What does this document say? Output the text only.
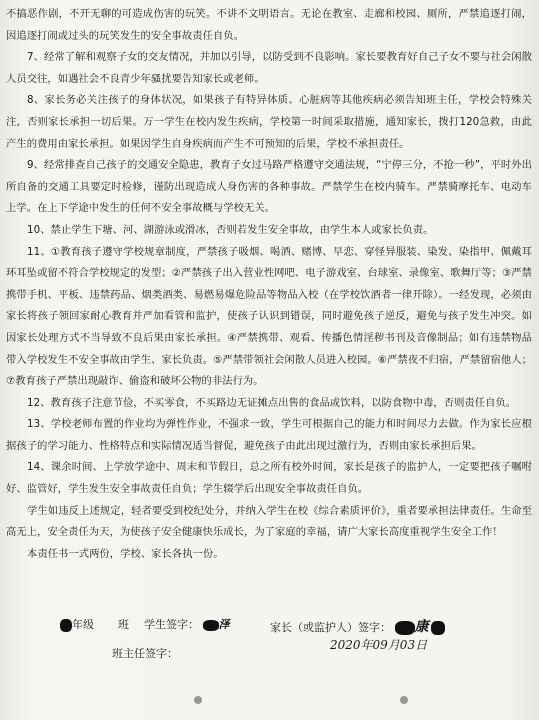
不搞恶作剧，不开无聊的可造成伤害的玩笑。不讲不文明语言。无论在教室、走廊和校园、厕所，严禁追逐打闹，因追逐打闹或过头的玩笑发生的安全事故责任自负。

7、经常了解和观察子女的交友情况，并加以引导，以防受到不良影响。家长要教育好自己子女不要与社会闲散人员交往，如遇社会不良青少年骚扰要告知家长或老师。

8、家长务必关注孩子的身体状况，如果孩子有特异体质、心脏病等其他疾病必须告知班主任，学校会特殊关注，否则家长承担一切后果。万一学生在校内发生疾病，学校第一时间采取措施，通知家长，拨打120急救，由此产生的费用由家长承担。如果因学生自身疾病而产生不可预知的后果，学校不承担责任。

9、经常排查自己孩子的交通安全隐患，教育子女过马路严格遵守交通法规，“宁停三分，不抢一秒”，平时外出所自备的交通工具要定时检修，谨防出现造成人身伤害的各种事故。严禁学生在校内骑车。严禁骑摩托车、电动车上学。在上下学途中发生的任何不安全事故概与学校无关。

10、禁止学生下塘、河、湖游泳或滑冰，否则若发生安全事故，由学生本人或家长负责。

11、①教育孩子遵守学校规章制度，严禁孩子吸烟、喝酒、赌博、早恋、穿怪异服装、染发、染指甲、佩戴耳环耳坠或留不符合学校规定的发型；②严禁孩子出入营业性网吧、电子游戏室、台球室、录像室、歌舞厅等；③严禁携带手机、平板、违禁药品、烟类酒类、易燃易爆危险品等物品入校（在学校饮酒者一律开除）。一经发现，必须由家长将孩子领回家耐心教育并严加看管和监护，使孩子认识到错误，同时避免孩子逆反，避免与孩子发生冲突。如因家长处理方式不当导致不良后果由家长承担。④严禁携带、观看、传播色情淫秽书刊及音像制品；如有违禁物品带入学校发生不安全事故由学生、家长负责。⑤严禁带领社会闲散人员进入校园。⑥严禁夜不归宿，严禁留宿他人；⑦教育孩子严禁出现敲诈、偷盗和破坏公物的非法行为。

12、教育孩子注意节俭，不买零食，不买路边无证摊点出售的食品或饮料，以防食物中毒，否则责任自负。

13、学校老师布置的作业均为弹性作业，不强求一致，学生可根据自己的能力和时间尽力去做。作为家长应根据孩子的学习能力、性格特点和实际情况适当督促，避免孩子由此出现过激行为，否则由家长承担后果。

14、课余时间、上学放学途中、周末和节假日，总之所有校外时间，家长是孩子的监护人，一定要把孩子嘱咐好、监管好，学生发生安全事故责任自负；学生辍学后出现安全事故责任自负。

学生如违反上述规定，轻者要受到校纪处分，并纳入学生在校《综合素质评价》，重者要承担法律责任。生命至高无上，安全责任为天，为使孩子安全健康快乐成长，为了家庭的幸福，请广大家长高度重视学生安全工作！

本责任书一式两份，学校、家长各执一份。

年级	班 学生签字： 泽	家长（或监护人）签字： 康
班主任签字：
2020年09月03日
